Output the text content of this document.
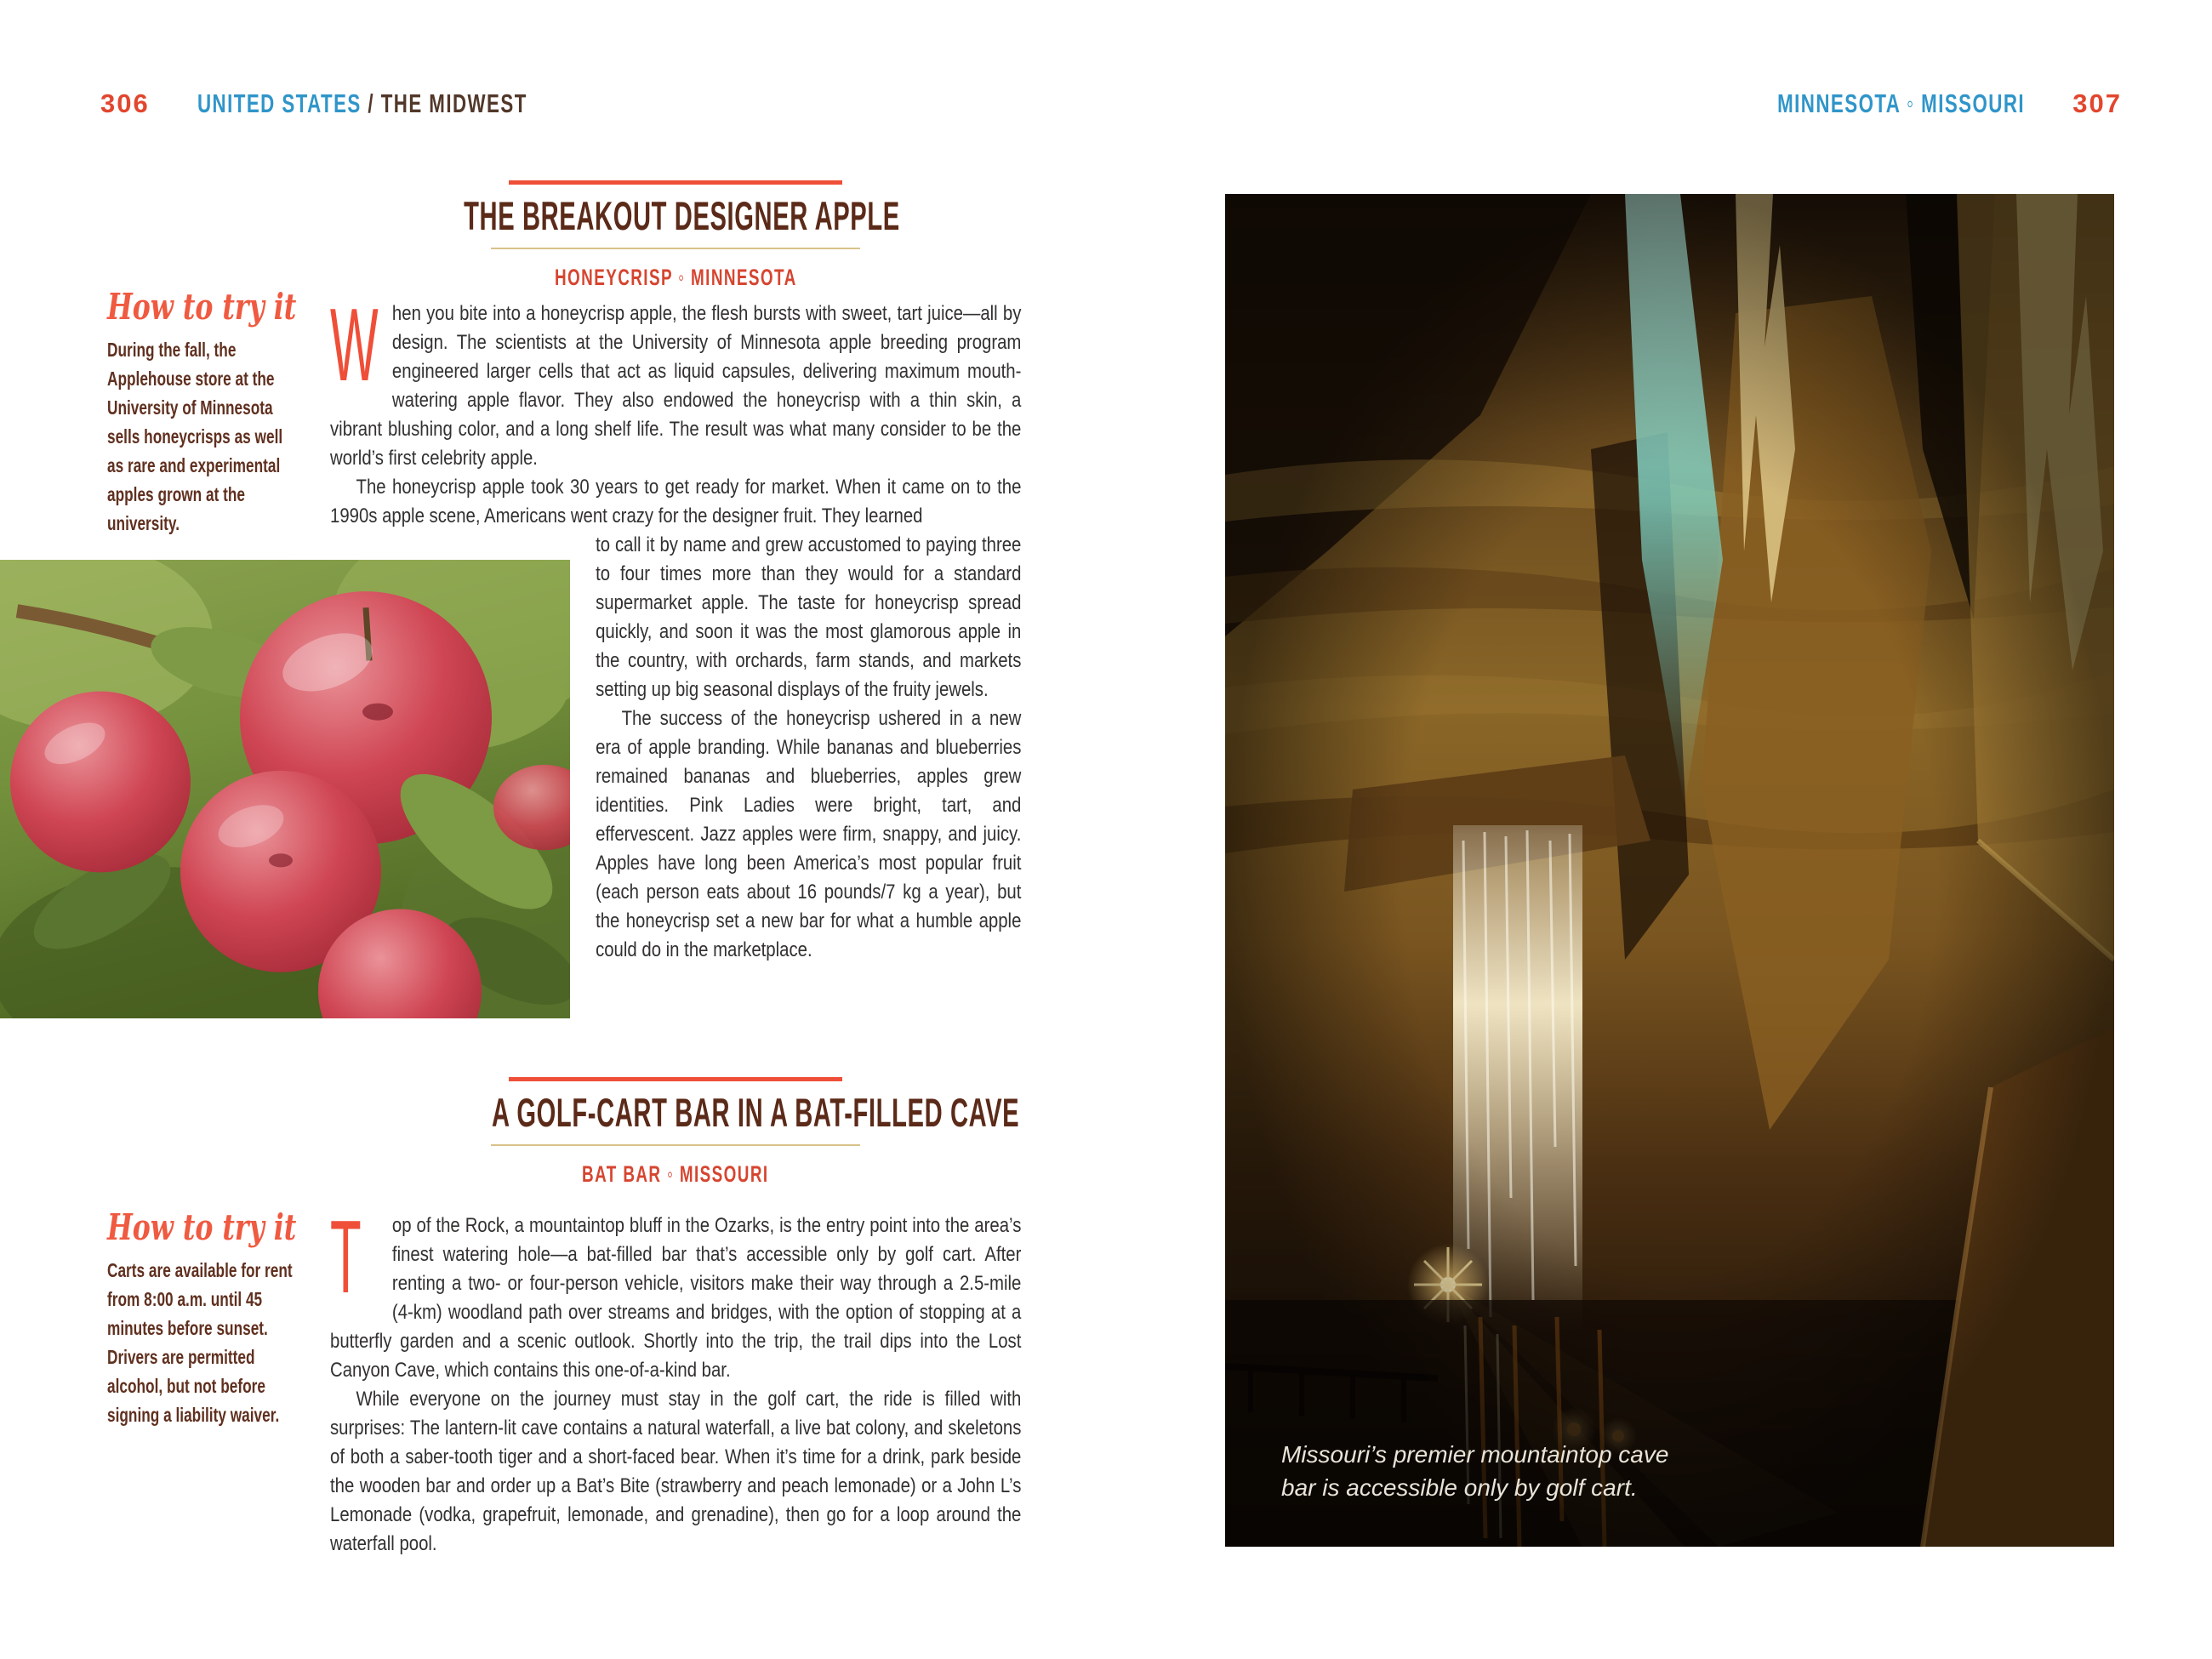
306 UNITED STATES / THE MIDWEST	MINNESOTA ◦ MISSOURI 307
THE BREAKOUT DESIGNER APPLE
HONEYCRISP ◦ MINNESOTA
How to try it

During the fall, the Applehouse store at the University of Minnesota sells honeycrisps as well as rare and experimental apples grown at the university.

W hen you bite into a honeycrisp apple, the flesh bursts with sweet, tart juice—all by design. The scientists at the University of Minnesota apple breeding program engineered larger cells that act as liquid capsules, delivering maximum mouth-watering apple flavor. They also endowed the honeycrisp with a thin skin, a vibrant blushing color, and a long shelf life. The result was what many consider to be the world’s first celebrity apple.

The honeycrisp apple took 30 years to get ready for market. When it came on to the 1990s apple scene, Americans went crazy for the designer fruit. They learned

to call it by name and grew accustomed to paying three to four times more than they would for a standard supermarket apple. The taste for honeycrisp spread quickly, and soon it was the most glamorous apple in the country, with orchards, farm stands, and markets setting up big seasonal displays of the fruity jewels.

The success of the honeycrisp ushered in a new era of apple branding. While bananas and blueberries remained bananas and blueberries, apples grew identities. Pink Ladies were bright, tart, and effervescent. Jazz apples were firm, snappy, and juicy. Apples have long been America’s most popular fruit (each person eats about 16 pounds/7 kg a year), but the honeycrisp set a new bar for what a humble apple could do in the marketplace.

A GOLF-CART BAR IN A BAT-FILLED CAVE
BAT BAR ◦ MISSOURI
How to try it

Carts are available for rent from 8:00 a.m. until 45 minutes before sunset. Drivers are permitted alcohol, but not before signing a liability waiver.

T op of the Rock, a mountaintop bluff in the Ozarks, is the entry point into the area’s finest watering hole—a bat-filled bar that’s accessible only by golf cart. After renting a two- or four-person vehicle, visitors make their way through a 2.5-mile (4-km) woodland path over streams and bridges, with the option of stopping at a butterfly garden and a scenic outlook. Shortly into the trip, the trail dips into the Lost Canyon Cave, which contains this one-of-a-kind bar.

While everyone on the journey must stay in the golf cart, the ride is filled with surprises: The lantern-lit cave contains a natural waterfall, a live bat colony, and skeletons of both a saber-tooth tiger and a short-faced bear. When it’s time for a drink, park beside the wooden bar and order up a Bat’s Bite (strawberry and peach lemonade) or a John L’s Lemonade (vodka, grapefruit, lemonade, and grenadine), then go for a loop around the waterfall pool.

Missouri’s premier mountaintop cave bar is accessible only by golf cart.
